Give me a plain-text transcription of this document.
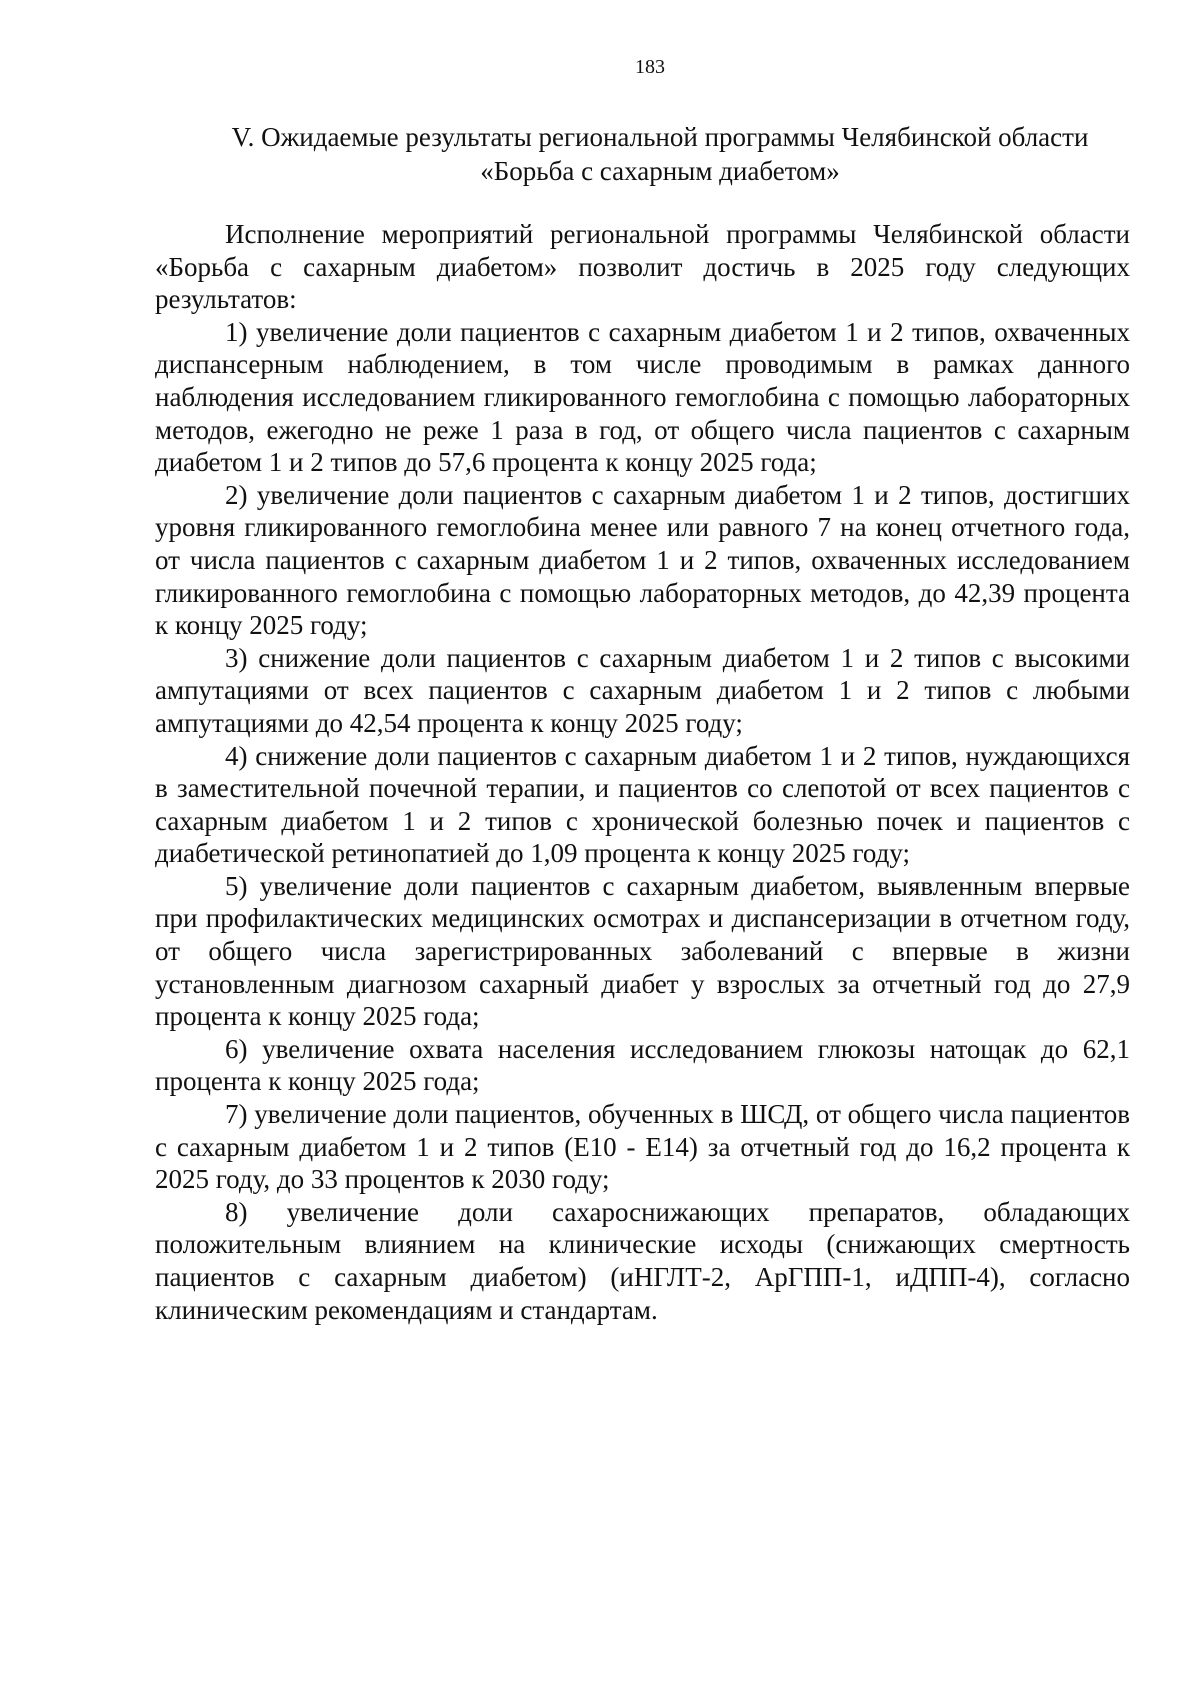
183
V. Ожидаемые результаты региональной программы Челябинской области
«Борьба с сахарным диабетом»

Исполнение мероприятий региональной программы Челябинской области «Борьба с сахарным диабетом» позволит достичь в 2025 году следующих результатов:

1) увеличение доли пациентов с сахарным диабетом 1 и 2 типов, охваченных диспансерным наблюдением, в том числе проводимым в рамках данного наблюдения исследованием гликированного гемоглобина с помощью лабораторных методов, ежегодно не реже 1 раза в год, от общего числа пациентов с сахарным диабетом 1 и 2 типов до 57,6 процента к концу 2025 года;

2) увеличение доли пациентов с сахарным диабетом 1 и 2 типов, достигших уровня гликированного гемоглобина менее или равного 7 на конец отчетного года, от числа пациентов с сахарным диабетом 1 и 2 типов, охваченных исследованием гликированного гемоглобина с помощью лабораторных методов, до 42,39 процента к концу 2025 году;

3) снижение доли пациентов с сахарным диабетом 1 и 2 типов с высокими ампутациями от всех пациентов с сахарным диабетом 1 и 2 типов с любыми ампутациями до 42,54 процента к концу 2025 году;

4) снижение доли пациентов с сахарным диабетом 1 и 2 типов, нуждающихся в заместительной почечной терапии, и пациентов со слепотой от всех пациентов с сахарным диабетом 1 и 2 типов с хронической болезнью почек и пациентов с диабетической ретинопатией до 1,09 процента к концу 2025 году;

5) увеличение доли пациентов с сахарным диабетом, выявленным впервые при профилактических медицинских осмотрах и диспансеризации в отчетном году, от общего числа зарегистрированных заболеваний с впервые в жизни установленным диагнозом сахарный диабет у взрослых за отчетный год до 27,9 процента к концу 2025 года;

6) увеличение охвата населения исследованием глюкозы натощак до 62,1 процента к концу 2025 года;

7) увеличение доли пациентов, обученных в ШСД, от общего числа пациентов с сахарным диабетом 1 и 2 типов (Е10 - Е14) за отчетный год до 16,2 процента к 2025 году, до 33 процентов к 2030 году;

8) увеличение доли сахароснижающих препаратов, обладающих положительным влиянием на клинические исходы (снижающих смертность пациентов с сахарным диабетом) (иНГЛТ-2, АрГПП-1, иДПП-4), согласно клиническим рекомендациям и стандартам.
